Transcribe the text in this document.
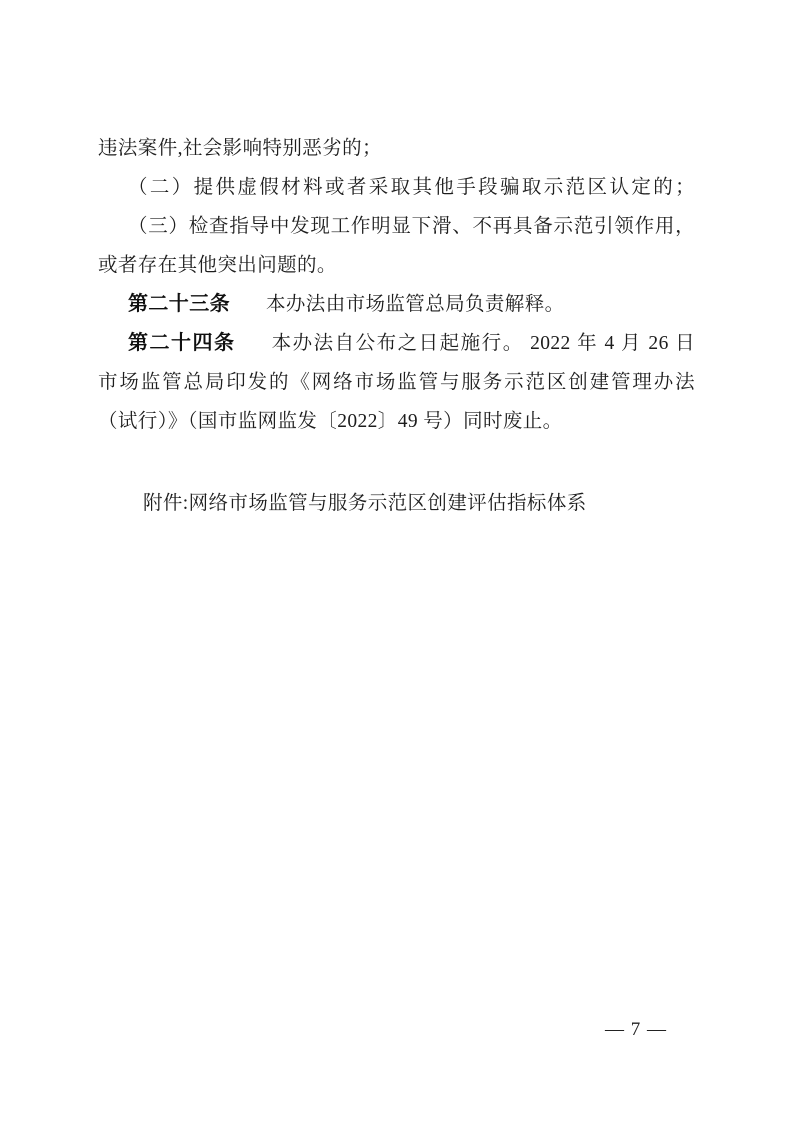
违法案件,社会影响特别恶劣的；
（二）提供虚假材料或者采取其他手段骗取示范区认定的；
（三）检查指导中发现工作明显下滑、不再具备示范引领作用，
或者存在其他突出问题的。
第二十三条 本办法由市场监管总局负责解释。
第二十四条 本办法自公布之日起施行。 2022 年 4 月 26 日
市场监管总局印发的《网络市场监管与服务示范区创建管理办法
（试行）》（国市监网监发〔2022〕49 号）同时废止。
附件:网络市场监管与服务示范区创建评估指标体系
— 7 —
